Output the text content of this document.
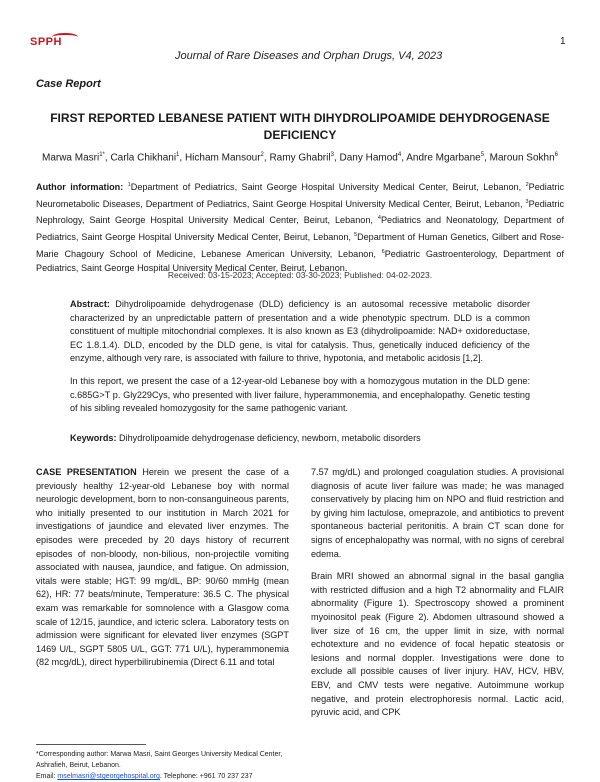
SPPH
Journal of Rare Diseases and Orphan Drugs, V4, 2023
1
Case Report
FIRST REPORTED LEBANESE PATIENT WITH DIHYDROLIPOAMIDE DEHYDROGENASE DEFICIENCY
Marwa Masri$^{1*}$, Carla Chikhani$^1$, Hicham Mansour$^2$, Ramy Ghabril$^3$, Dany Hamod$^4$, Andre Mgarbane$^5$, Maroun Sokhn$^6$
Author information: $^1$Department of Pediatrics, Saint George Hospital University Medical Center, Beirut, Lebanon, $^2$Pediatric Neurometabolic Diseases, Department of Pediatrics, Saint George Hospital University Medical Center, Beirut, Lebanon, $^3$Pediatric Nephrology, Saint George Hospital University Medical Center, Beirut, Lebanon, $^4$Pediatrics and Neonatology, Department of Pediatrics, Saint George Hospital University Medical Center, Beirut, Lebanon, $^5$Department of Human Genetics, Gilbert and Rose-Marie Chagoury School of Medicine, Lebanese American University, Lebanon, $^6$Pediatric Gastroenterology, Department of Pediatrics, Saint George Hospital University Medical Center, Beirut, Lebanon.
Received: 03-15-2023; Accepted: 03-30-2023; Published: 04-02-2023.

Abstract: Dihydrolipoamide dehydrogenase (DLD) deficiency is an autosomal recessive metabolic disorder characterized by an unpredictable pattern of presentation and a wide phenotypic spectrum. DLD is a common constituent of multiple mitochondrial complexes. It is also known as E3 (dihydrolipoamide: NAD+ oxidoreductase, EC 1.8.1.4). DLD, encoded by the DLD gene, is vital for catalysis. Thus, genetically induced deficiency of the enzyme, although very rare, is associated with failure to thrive, hypotonia, and metabolic acidosis [1,2].

In this report, we present the case of a 12-year-old Lebanese boy with a homozygous mutation in the DLD gene: c.685G>T p. Gly229Cys, who presented with liver failure, hyperammonemia, and encephalopathy. Genetic testing of his sibling revealed homozygosity for the same pathogenic variant.

Keywords: Dihydrolipoamide dehydrogenase deficiency, newborn, metabolic disorders

CASE PRESENTATION Herein we present the case of a previously healthy 12-year-old Lebanese boy with normal neurologic development, born to non-consanguineous parents, who initially presented to our institution in March 2021 for investigations of jaundice and elevated liver enzymes. The episodes were preceded by 20 days history of recurrent episodes of non-bloody, non-bilious, non-projectile vomiting associated with nausea, jaundice, and fatigue. On admission, vitals were stable; HGT: 99 mg/dL, BP: 90/60 mmHg (mean 62), HR: 77 beats/minute, Temperature: 36.5 C. The physical exam was remarkable for somnolence with a Glasgow coma scale of 12/15, jaundice, and icteric sclera. Laboratory tests on admission were significant for elevated liver enzymes (SGPT 1469 U/L, SGPT 5805 U/L, GGT: 771 U/L), hyperammonemia (82 mcg/dL), direct hyperbilirubinemia (Direct 6.11 and total

7.57 mg/dL) and prolonged coagulation studies. A provisional diagnosis of acute liver failure was made; he was managed conservatively by placing him on NPO and fluid restriction and by giving him lactulose, omeprazole, and antibiotics to prevent spontaneous bacterial peritonitis. A brain CT scan done for signs of encephalopathy was normal, with no signs of cerebral edema.

Brain MRI showed an abnormal signal in the basal ganglia with restricted diffusion and a high T2 abnormality and FLAIR abnormality (Figure 1). Spectroscopy showed a prominent myoinositol peak (Figure 2). Abdomen ultrasound showed a liver size of 16 cm, the upper limit in size, with normal echotexture and no evidence of focal hepatic steatosis or lesions and normal doppler. Investigations were done to exclude all possible causes of liver injury. HAV, HCV, HBV, EBV, and CMV tests were negative. Autoimmune workup negative, and protein electrophoresis normal. Lactic acid, pyruvic acid, and CPK

*Corresponding author: Marwa Masri, Saint Georges University Medical Center, Ashrafieh, Beirut, Lebanon.
Email: mselmasri@stgeorgehospital.org. Telephone: +961 70 237 237
